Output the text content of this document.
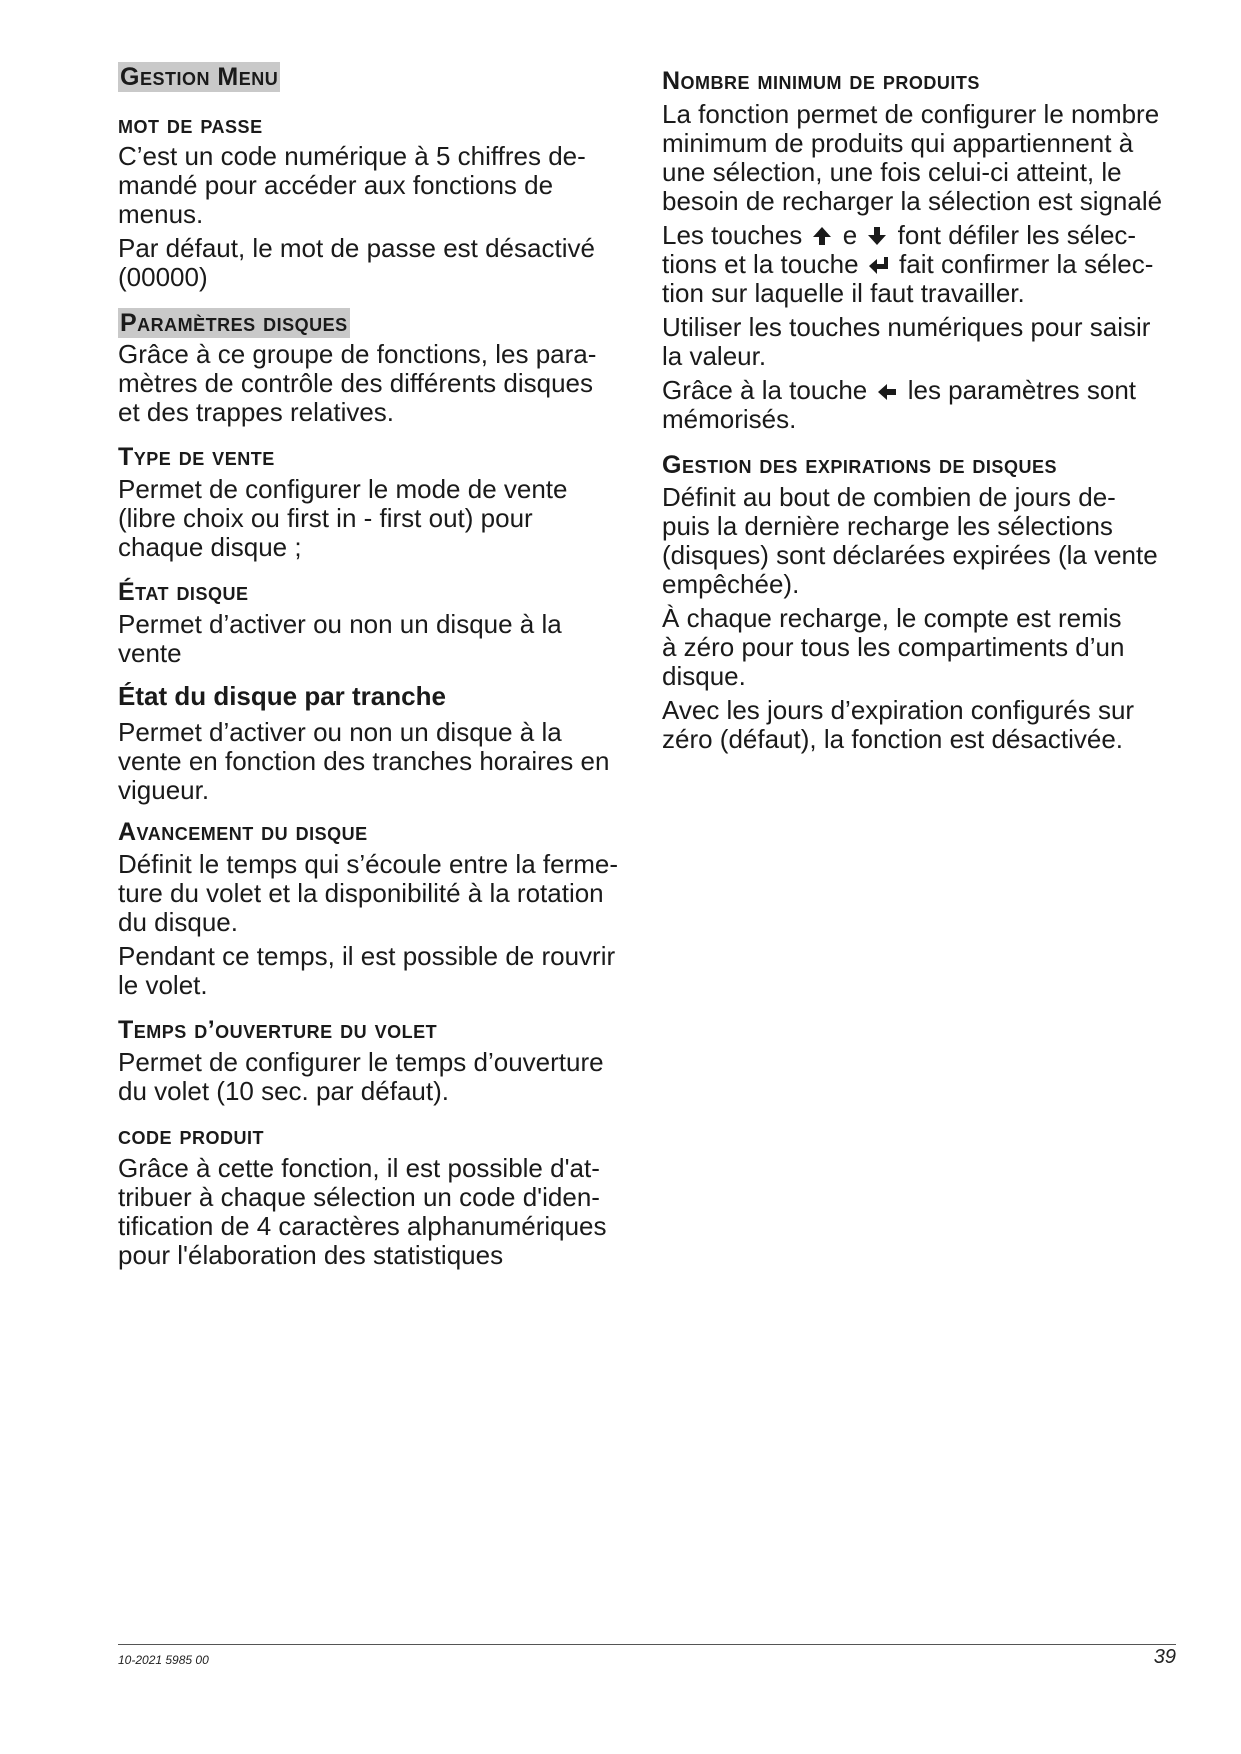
Gestion Menu
mot de passe
C’est un code numérique à 5 chiffres de-
mandé pour accéder aux fonctions de
menus.
Par défaut, le mot de passe est désactivé
(00000)
Paramètres disques
Grâce à ce groupe de fonctions, les para-
mètres de contrôle des différents disques
et des trappes relatives.
Type de vente
Permet de configurer le mode de vente
(libre choix ou first in - first out) pour
chaque disque ;
État disque
Permet d’activer ou non un disque à la
vente
État du disque par tranche
Permet d’activer ou non un disque à la
vente en fonction des tranches horaires en
vigueur.
Avancement du disque
Définit le temps qui s’écoule entre la ferme-
ture du volet et la disponibilité à la rotation
du disque.
Pendant ce temps, il est possible de rouvrir
le volet.
Temps d’ouverture du volet
Permet de configurer le temps d’ouverture
du volet (10 sec. par défaut).
code produit
Grâce à cette fonction, il est possible d'at-
tribuer à chaque sélection un code d'iden-
tification de 4 caractères alphanumériques
pour l'élaboration des statistiques
Nombre minimum de produits
La fonction permet de configurer le nombre
minimum de produits qui appartiennent à
une sélection, une fois celui-ci atteint, le
besoin de recharger la sélection est signalé
Les touches e font défiler les sélec-
tions et la touche fait confirmer la sélec-
tion sur laquelle il faut travailler.
Utiliser les touches numériques pour saisir
la valeur.
Grâce à la touche les paramètres sont
mémorisés.
Gestion des expirations de disques
Définit au bout de combien de jours de-
puis la dernière recharge les sélections
(disques) sont déclarées expirées (la vente
empêchée).
À chaque recharge, le compte est remis
à zéro pour tous les compartiments d’un
disque.
Avec les jours d’expiration configurés sur
zéro (défaut), la fonction est désactivée.
10-2021 5985 00	39
